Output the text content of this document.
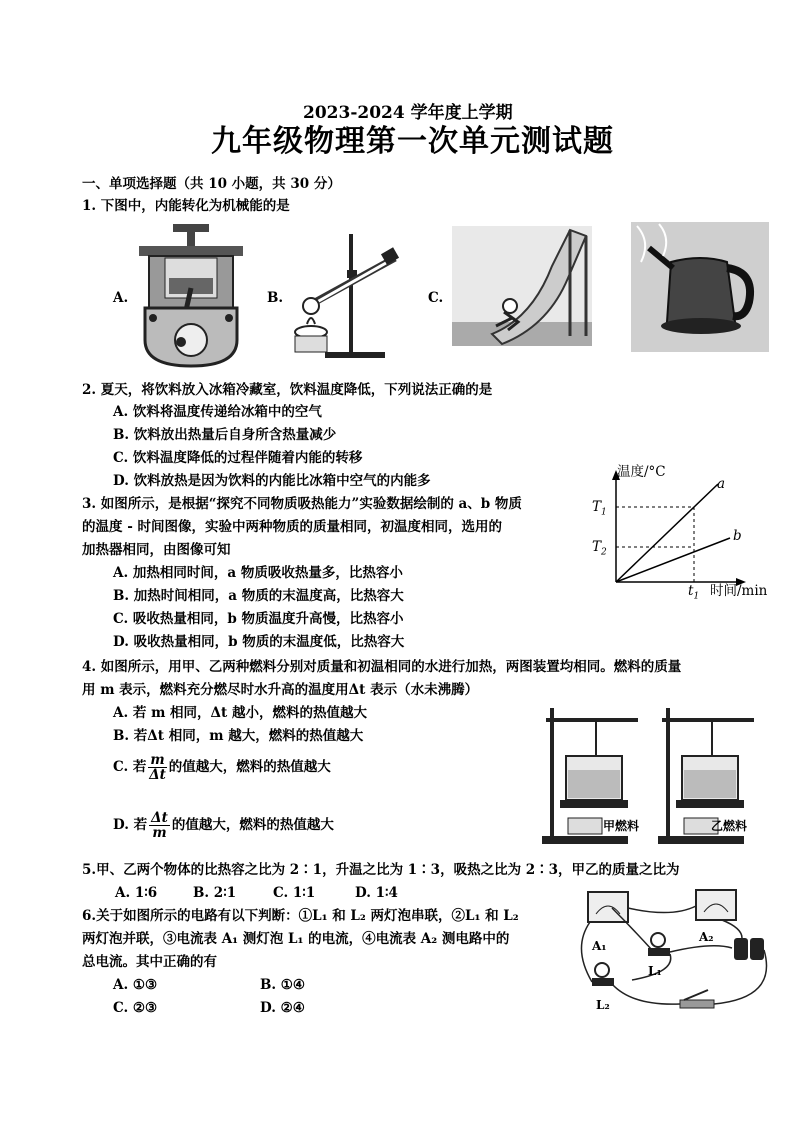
2023-2024 学年度上学期
九年级物理第一次单元测试题
一、单项选择题（共 10 小题，共 30 分）
1. 下图中，内能转化为机械能的是
A.	B.	C.
2. 夏天，将饮料放入冰箱冷藏室，饮料温度降低，下列说法正确的是
A. 饮料将温度传递给冰箱中的空气
B. 饮料放出热量后自身所含热量减少
C. 饮料温度降低的过程伴随着内能的转移
D. 饮料放热是因为饮料的内能比冰箱中空气的内能多
3. 如图所示，是根据“探究不同物质吸热能力”实验数据绘制的 a、b 物质
的温度 - 时间图像，实验中两种物质的质量相同，初温度相同，选用的
加热器相同，由图像可知
A. 加热相同时间，a 物质吸收热量多，比热容小
B. 加热时间相同，a 物质的末温度高，比热容大
C. 吸收热量相同，b 物质温度升高慢，比热容小
D. 吸收热量相同，b 物质的末温度低，比热容大
温度/°C
时间/min
$T_1$
$T_2$
$t_1$
a
b
4. 如图所示，用甲、乙两种燃料分别对质量和初温相同的水进行加热，两图装置均相同。燃料的质量
用 m 表示，燃料充分燃尽时水升高的温度用Δt 表示（水未沸腾）
A. 若 m 相同，Δt 越小，燃料的热值越大
B. 若Δt 相同，m 越大，燃料的热值越大
C. 若 $\frac{m}{\Delta t}$ 的值越大，燃料的热值越大
D. 若 $\frac{\Delta t}{m}$ 的值越大，燃料的热值越大	甲燃料	乙燃料
5.甲、乙两个物体的比热容之比为 2∶1，升温之比为 1∶3，吸热之比为 2∶3，甲乙的质量之比为
A. 1∶6	B. 2∶1	C. 1∶1	D. 1∶4
6.关于如图所示的电路有以下判断：①L₁ 和 L₂ 两灯泡串联，②L₁ 和 L₂
两灯泡并联，③电流表 A₁ 测灯泡 L₁ 的电流，④电流表 A₂ 测电路中的
总电流。其中正确的有
A. ①③	B. ①④
C. ②③	D. ②④
A₁
A₂
L₁
L₂
